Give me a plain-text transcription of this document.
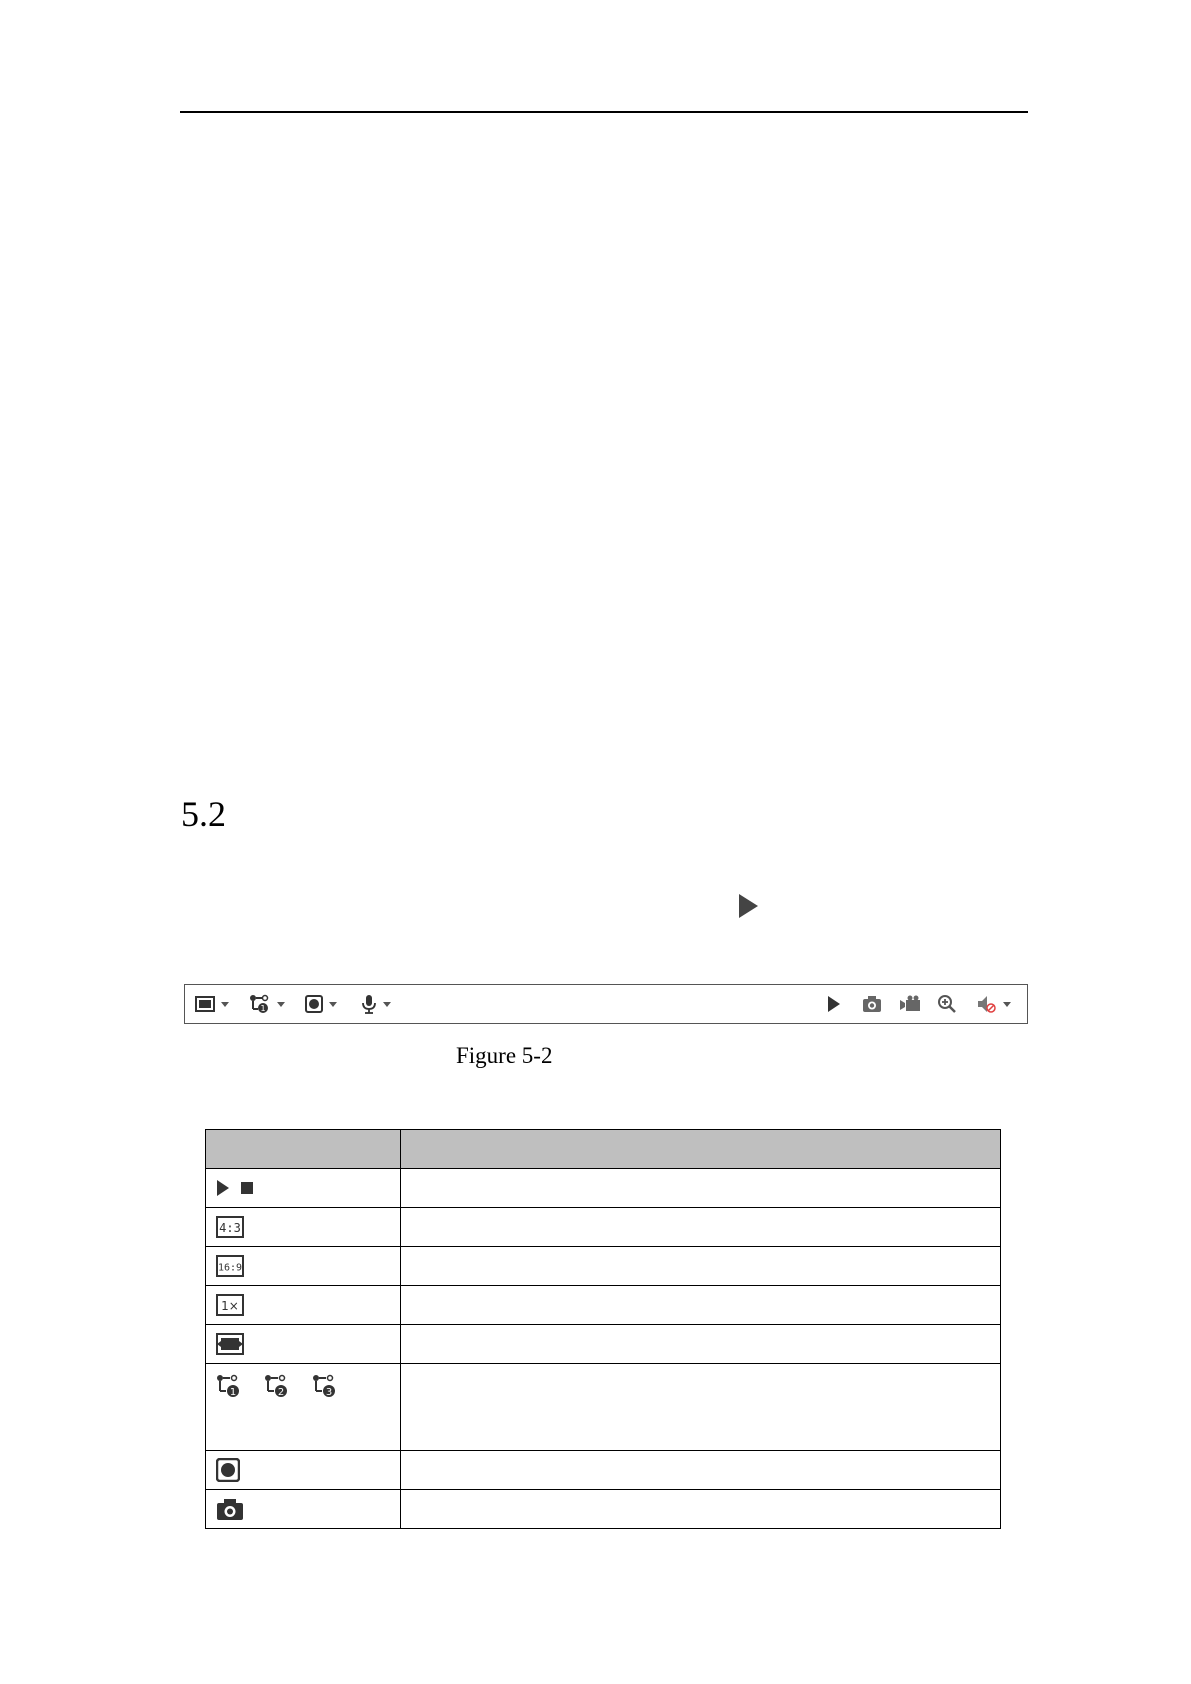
5.2
1
Figure 5-2

4:3	

16:9	

1×	

1 2 3	
